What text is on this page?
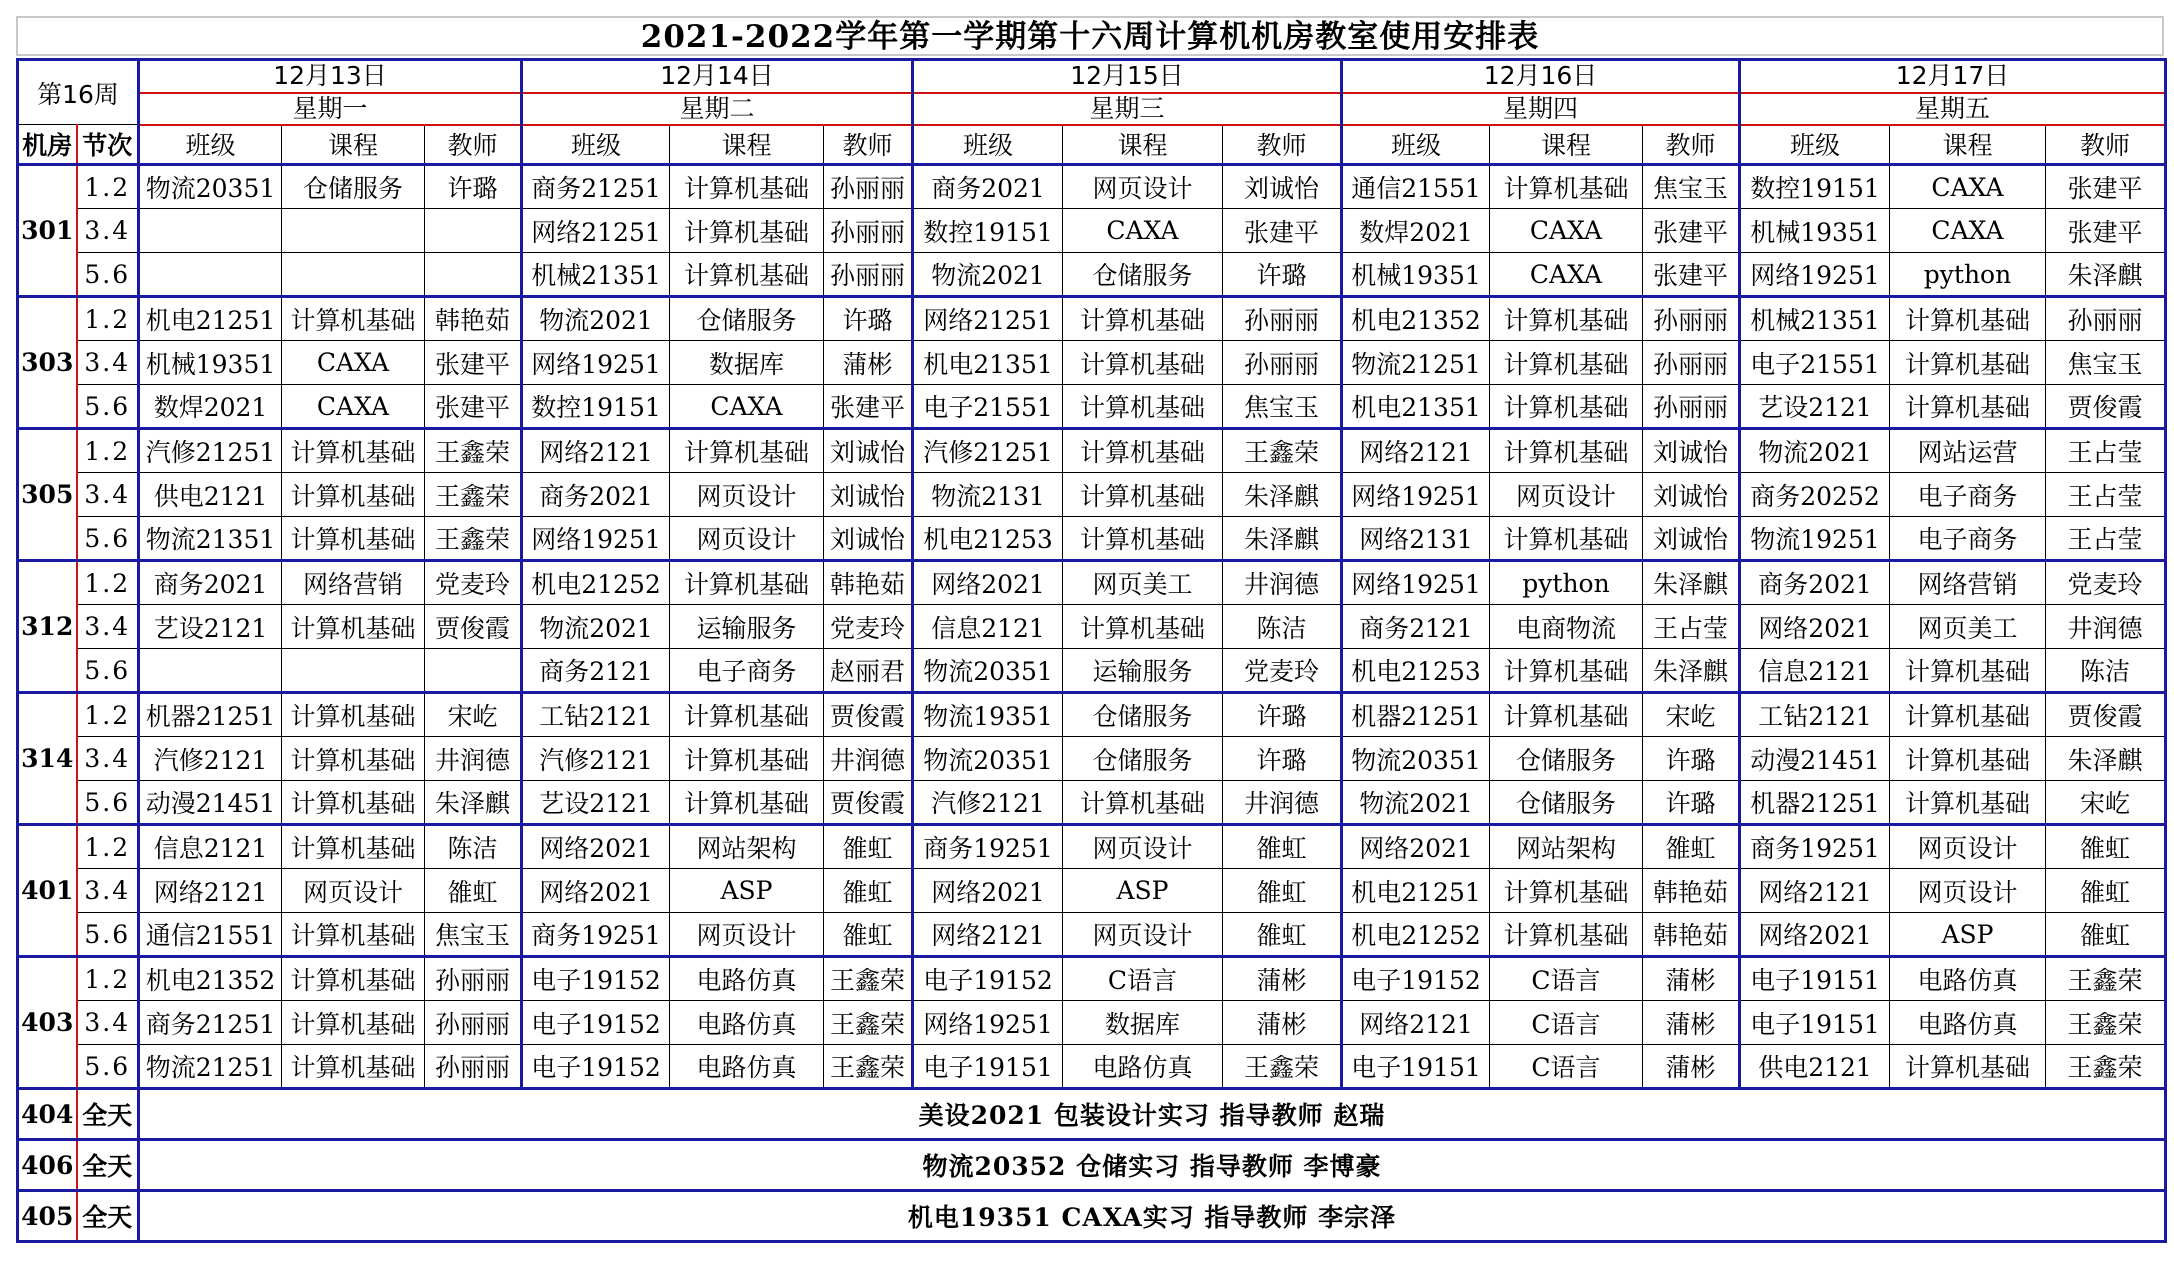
2021-2022学年第一学期第十六周计算机机房教室使用安排表
第16周		12月13日			12月14日			12月15日			12月16日			12月17日		
		星期一			星期二			星期三			星期四			星期五		
机房	节次	班级	课程	教师	班级	课程	教师	班级	课程	教师	班级	课程	教师	班级	课程	教师
301	1.2	物流20351	仓储服务	许璐	商务21251	计算机基础	孙丽丽	商务2021	网页设计	刘诚怡	通信21551	计算机基础	焦宝玉	数控19151	CAXA	张建平
	3.4				网络21251	计算机基础	孙丽丽	数控19151	CAXA	张建平	数焊2021	CAXA	张建平	机械19351	CAXA	张建平
	5.6				机械21351	计算机基础	孙丽丽	物流2021	仓储服务	许璐	机械19351	CAXA	张建平	网络19251	python	朱泽麒
303	1.2	机电21251	计算机基础	韩艳茹	物流2021	仓储服务	许璐	网络21251	计算机基础	孙丽丽	机电21352	计算机基础	孙丽丽	机械21351	计算机基础	孙丽丽
	3.4	机械19351	CAXA	张建平	网络19251	数据库	蒲彬	机电21351	计算机基础	孙丽丽	物流21251	计算机基础	孙丽丽	电子21551	计算机基础	焦宝玉
	5.6	数焊2021	CAXA	张建平	数控19151	CAXA	张建平	电子21551	计算机基础	焦宝玉	机电21351	计算机基础	孙丽丽	艺设2121	计算机基础	贾俊霞
305	1.2	汽修21251	计算机基础	王鑫荣	网络2121	计算机基础	刘诚怡	汽修21251	计算机基础	王鑫荣	网络2121	计算机基础	刘诚怡	物流2021	网站运营	王占莹
	3.4	供电2121	计算机基础	王鑫荣	商务2021	网页设计	刘诚怡	物流2131	计算机基础	朱泽麒	网络19251	网页设计	刘诚怡	商务20252	电子商务	王占莹
	5.6	物流21351	计算机基础	王鑫荣	网络19251	网页设计	刘诚怡	机电21253	计算机基础	朱泽麒	网络2131	计算机基础	刘诚怡	物流19251	电子商务	王占莹
312	1.2	商务2021	网络营销	党麦玲	机电21252	计算机基础	韩艳茹	网络2021	网页美工	井润德	网络19251	python	朱泽麒	商务2021	网络营销	党麦玲
	3.4	艺设2121	计算机基础	贾俊霞	物流2021	运输服务	党麦玲	信息2121	计算机基础	陈洁	商务2121	电商物流	王占莹	网络2021	网页美工	井润德
	5.6				商务2121	电子商务	赵丽君	物流20351	运输服务	党麦玲	机电21253	计算机基础	朱泽麒	信息2121	计算机基础	陈洁
314	1.2	机器21251	计算机基础	宋屹	工钻2121	计算机基础	贾俊霞	物流19351	仓储服务	许璐	机器21251	计算机基础	宋屹	工钻2121	计算机基础	贾俊霞
	3.4	汽修2121	计算机基础	井润德	汽修2121	计算机基础	井润德	物流20351	仓储服务	许璐	物流20351	仓储服务	许璐	动漫21451	计算机基础	朱泽麒
	5.6	动漫21451	计算机基础	朱泽麒	艺设2121	计算机基础	贾俊霞	汽修2121	计算机基础	井润德	物流2021	仓储服务	许璐	机器21251	计算机基础	宋屹
401	1.2	信息2121	计算机基础	陈洁	网络2021	网站架构	雒虹	商务19251	网页设计	雒虹	网络2021	网站架构	雒虹	商务19251	网页设计	雒虹
	3.4	网络2121	网页设计	雒虹	网络2021	ASP	雒虹	网络2021	ASP	雒虹	机电21251	计算机基础	韩艳茹	网络2121	网页设计	雒虹
	5.6	通信21551	计算机基础	焦宝玉	商务19251	网页设计	雒虹	网络2121	网页设计	雒虹	机电21252	计算机基础	韩艳茹	网络2021	ASP	雒虹
403	1.2	机电21352	计算机基础	孙丽丽	电子19152	电路仿真	王鑫荣	电子19152	C语言	蒲彬	电子19152	C语言	蒲彬	电子19151	电路仿真	王鑫荣
	3.4	商务21251	计算机基础	孙丽丽	电子19152	电路仿真	王鑫荣	网络19251	数据库	蒲彬	网络2121	C语言	蒲彬	电子19151	电路仿真	王鑫荣
	5.6	物流21251	计算机基础	孙丽丽	电子19152	电路仿真	王鑫荣	电子19151	电路仿真	王鑫荣	电子19151	C语言	蒲彬	供电2121	计算机基础	王鑫荣
404	全天	美设2021 包装设计实习 指导教师 赵瑞														
406	全天	物流20352 仓储实习 指导教师 李博豪														
405	全天	机电19351 CAXA实习 指导教师 李宗泽														
